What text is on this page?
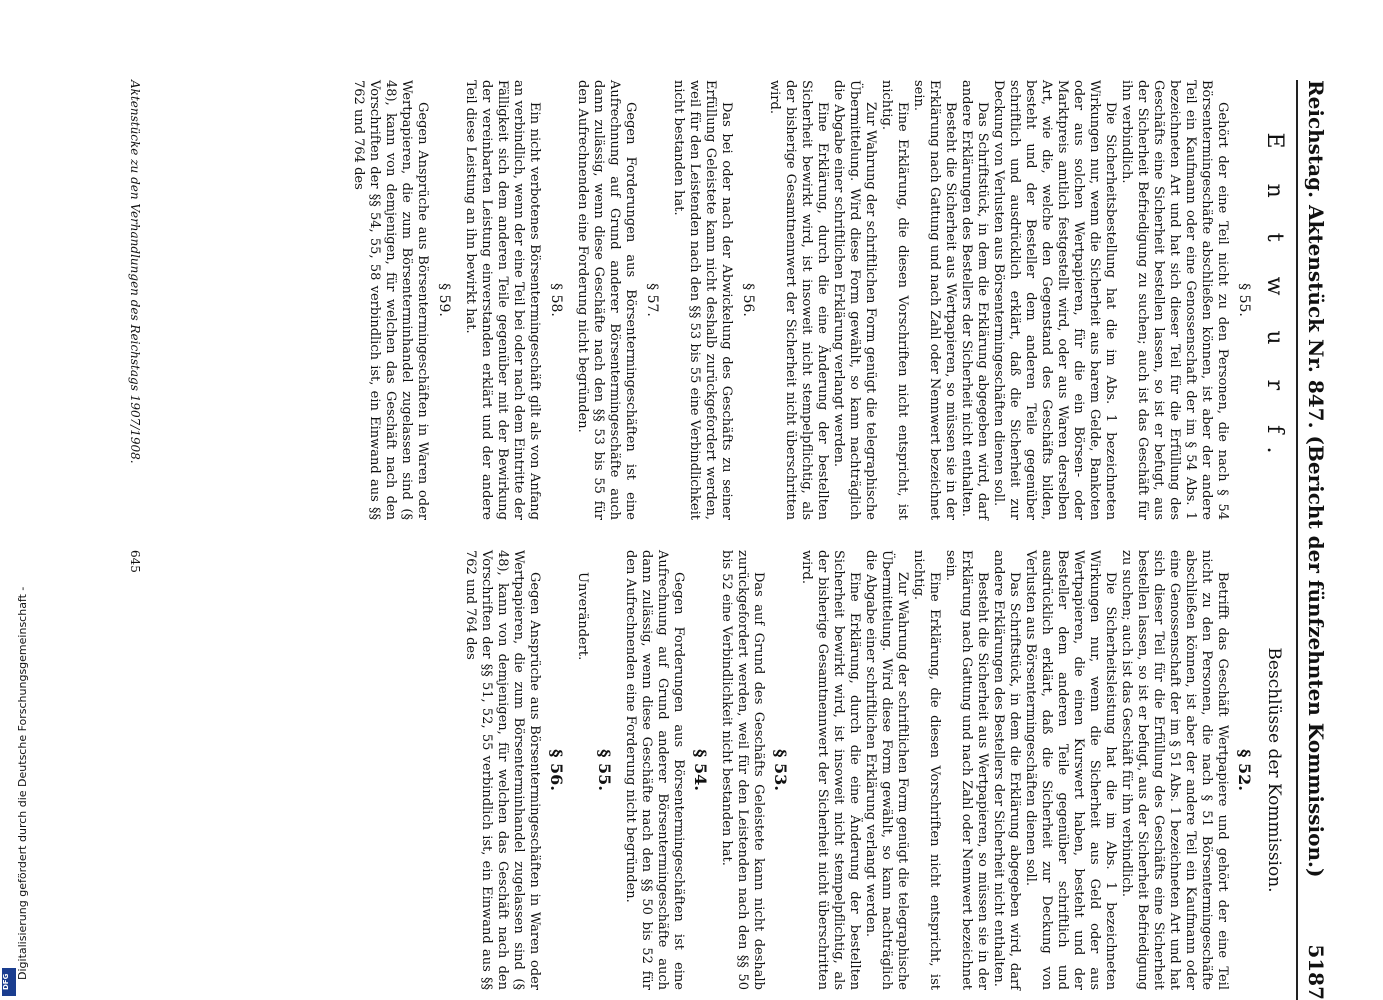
Reichstag. Aktenstück Nr. 847. (Bericht der fünfzehnten Kommission.)
5187
E n t w u r f.
§ 55.

Gehört der eine Teil nicht zu den Personen, die nach § 54 Börsentermingeschäfte abschließen können, ist aber der andere Teil ein Kaufmann oder eine Genossenschaft der im § 54 Abs. 1 bezeichneten Art und hat sich dieser Teil für die Erfüllung des Geschäfts eine Sicherheit bestellen lassen, so ist er befugt, aus der Sicherheit Befriedigung zu suchen; auch ist das Geschäft für ihn verbindlich.

Die Sicherheitsbestellung hat die im Abs. 1 bezeichneten Wirkungen nur, wenn die Sicherheit aus barem Gelde, Bankoten oder aus solchen Wertpapieren, für die ein Börsen- oder Marktpreis amtlich festgestellt wird, oder aus Waren derselben Art, wie die, welche den Gegenstand des Geschäfts bilden, besteht und der Besteller dem anderen Teile gegenüber schriftlich und ausdrücklich erklärt, daß die Sicherheit zur Deckung von Verlusten aus Börsentermingeschäften dienen soll.

Das Schriftstück, in dem die Erklärung abgegeben wird, darf andere Erklärungen des Bestellers der Sicherheit nicht enthalten.

Besteht die Sicherheit aus Wertpapieren, so müssen sie in der Erklärung nach Gattung und nach Zahl oder Nennwert bezeichnet sein.

Eine Erklärung, die diesen Vorschriften nicht entspricht, ist nichtig.

Zur Wahrung der schriftlichen Form genügt die telegraphische Übermittelung. Wird diese Form gewählt, so kann nachträglich die Abgabe einer schriftlichen Erklärung verlangt werden.

Eine Erklärung, durch die eine Änderung der bestellten Sicherheit bewirkt wird, ist insoweit nicht stempelpflichtig, als der bisherige Gesamtnennwert der Sicherheit nicht überschritten wird.

§ 56.

Das bei oder nach der Abwickelung des Geschäfts zu seiner Erfüllung Geleistete kann nicht deshalb zurückgefordert werden, weil für den Leistenden nach den §§ 53 bis 55 eine Verbindlichkeit nicht bestanden hat.

§ 57.

Gegen Forderungen aus Börsentermingeschäften ist eine Aufrechnung auf Grund anderer Börsentermingeschäfte auch dann zulässig, wenn diese Geschäfte nach den §§ 53 bis 55 für den Aufrechnenden eine Forderung nicht begründen.

§ 58.

Ein nicht verbotenes Börsentermingeschäft gilt als von Anfang an verbindlich, wenn der eine Teil bei oder nach dem Eintritte der Fälligkeit sich dem anderen Teile gegenüber mit der Bewirkung der vereinbarten Leistung einverstanden erklärt und der andere Teil diese Leistung an ihn bewirkt hat.

§ 59.

Gegen Ansprüche aus Börsentermingeschäften in Waren oder Wertpapieren, die zum Börsenterminhandel zugelassen sind (§ 48), kann von demjenigen, für welchen das Geschäft nach den Vorschriften der §§ 54, 55, 58 verbindlich ist, ein Einwand aus §§ 762 und 764 des

Beschlüsse der Kommission.
§ 52.

Betrifft das Geschäft Wertpapiere und gehört der eine Teil nicht zu den Personen, die nach § 51 Börsentermingeschäfte abschließen können, ist aber der andere Teil ein Kaufmann oder eine Genossenschaft der im § 51 Abs. 1 bezeichneten Art und hat sich dieser Teil für die Erfüllung des Geschäfts eine Sicherheit bestellen lassen, so ist er befugt, aus der Sicherheit Befriedigung zu suchen; auch ist das Geschäft für ihn verbindlich.

Die Sicherheitsleistung hat die im Abs. 1 bezeichneten Wirkungen nur, wenn die Sicherheit aus Geld oder aus Wertpapieren, die einen Kurswert haben, besteht und der Besteller dem anderen Teile gegenüber schriftlich und ausdrücklich erklärt, daß die Sicherheit zur Deckung von Verlusten aus Börsentermingeschäften dienen soll.

Das Schriftstück, in dem die Erklärung abgegeben wird, darf andere Erklärungen des Bestellers der Sicherheit nicht enthalten.

Besteht die Sicherheit aus Wertpapieren, so müssen sie in der Erklärung nach Gattung und nach Zahl oder Nennwert bezeichnet sein.

Eine Erklärung, die diesen Vorschriften nicht entspricht, ist nichtig.

Zur Wahrung der schriftlichen Form genügt die telegraphische Übermittelung. Wird diese Form gewählt, so kann nachträglich die Abgabe einer schriftlichen Erklärung verlangt werden.

Eine Erklärung, durch die eine Änderung der bestellten Sicherheit bewirkt wird, ist insoweit nicht stempelpflichtig, als der bisherige Gesamtnennwert der Sicherheit nicht überschritten wird.

§ 53.

Das auf Grund des Geschäfts Geleistete kann nicht deshalb zurückgefordert werden, weil für den Leistenden nach den §§ 50 bis 52 eine Verbindlichkeit nicht bestanden hat.

§ 54.

Gegen Forderungen aus Börsentermingeschäften ist eine Aufrechnung auf Grund anderer Börsentermingeschäfte auch dann zulässig, wenn diese Geschäfte nach den §§ 50 bis 52 für den Aufrechnenden eine Forderung nicht begründen.

§ 55.

Unverändert.

§ 56.

Gegen Ansprüche aus Börsentermingeschäften in Waren oder Wertpapieren, die zum Börsenterminhandel zugelassen sind (§ 48), kann von demjenigen, für welchen das Geschäft nach den Vorschriften der §§ 51, 52, 55 verbindlich ist, ein Einwand aus §§ 762 und 764 des

Aktenstücke zu den Verhandlungen des Reichstags 1907/1908.
645
Digitalisierung gefördert durch die Deutsche Forschungsgemeinschaft -
DFG
